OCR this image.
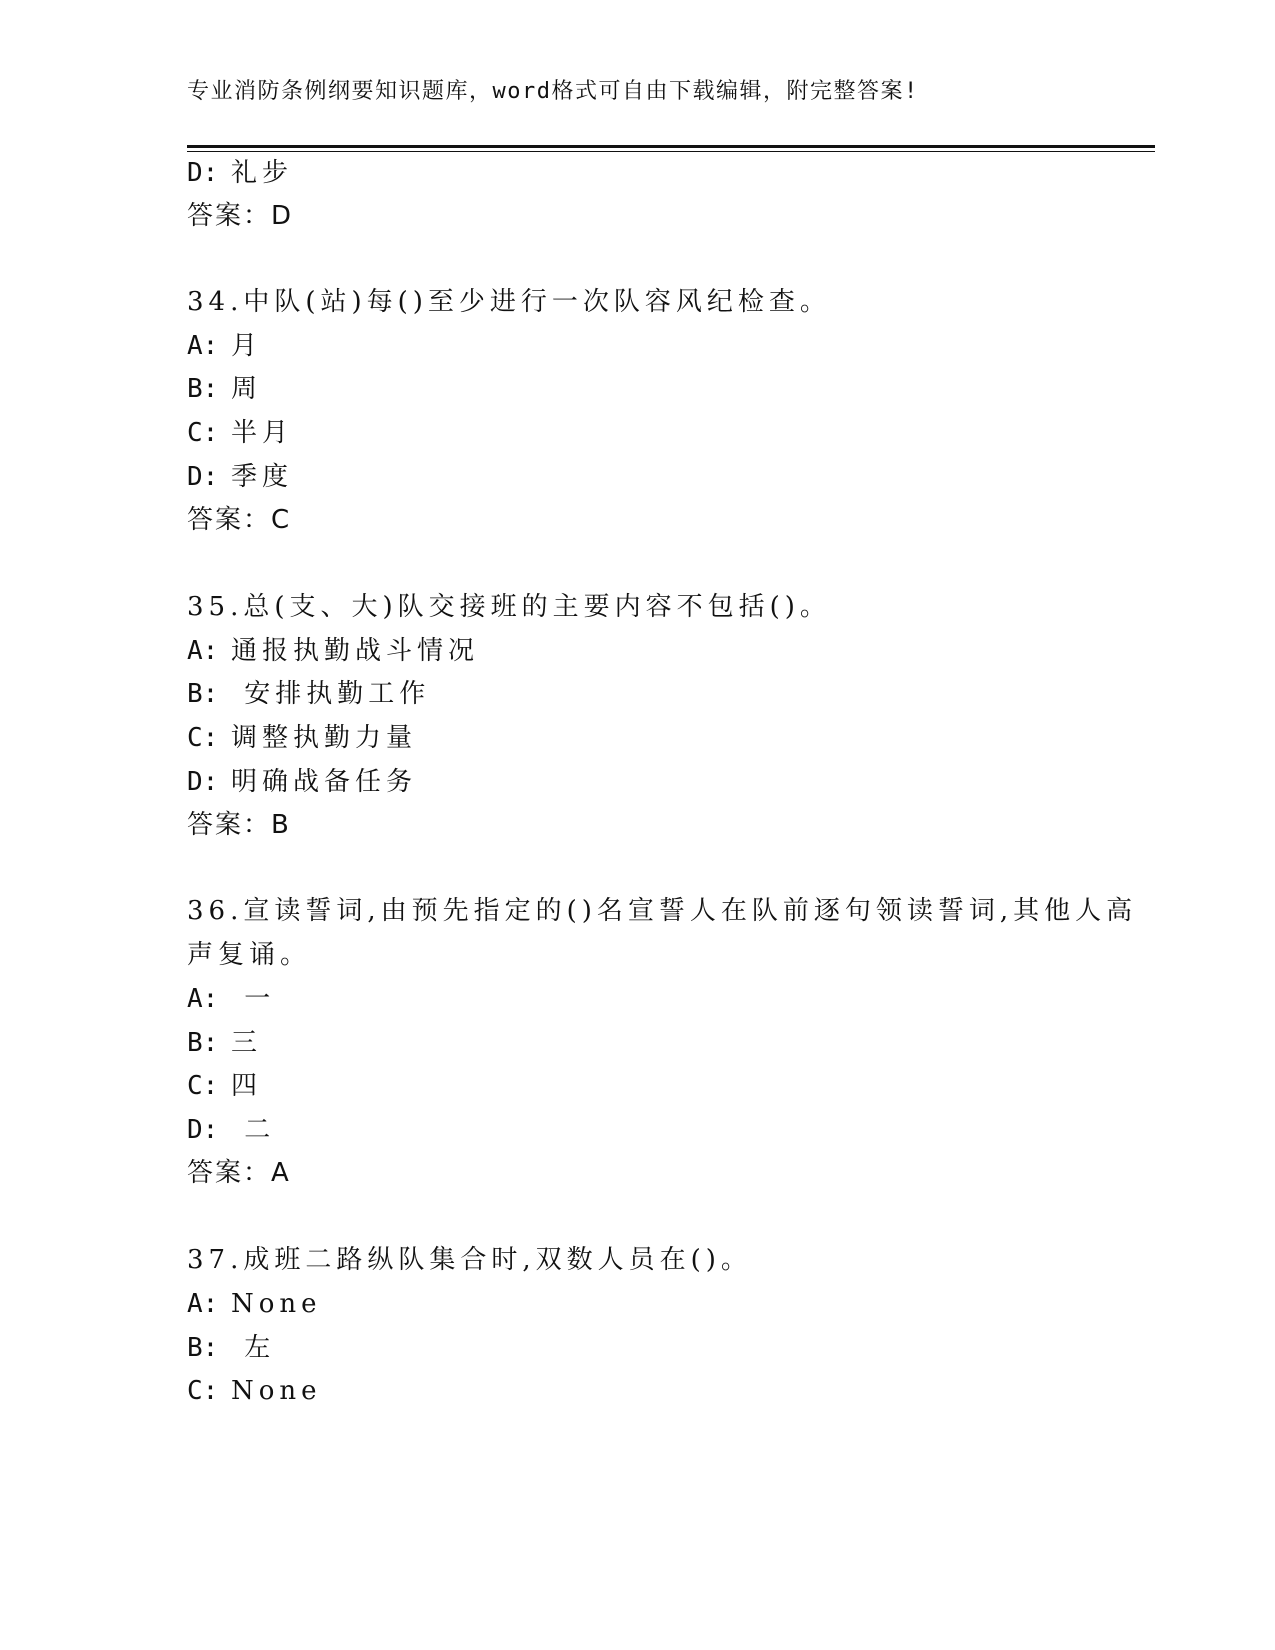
专业消防条例纲要知识题库，word格式可自由下载编辑，附完整答案!
D: 礼步
答案：D
34.中队(站)每()至少进行一次队容风纪检查。
A: 月
B: 周
C: 半月
D: 季度
答案：C
35.总(支、大)队交接班的主要内容不包括()。
A: 通报执勤战斗情况
B: 安排执勤工作
C: 调整执勤力量
D: 明确战备任务
答案：B
36.宣读誓词,由预先指定的()名宣誓人在队前逐句领读誓词,其他人高
声复诵。
A: 一
B: 三
C: 四
D: 二
答案：A
37.成班二路纵队集合时,双数人员在()。
A: None
B: 左
C: None
